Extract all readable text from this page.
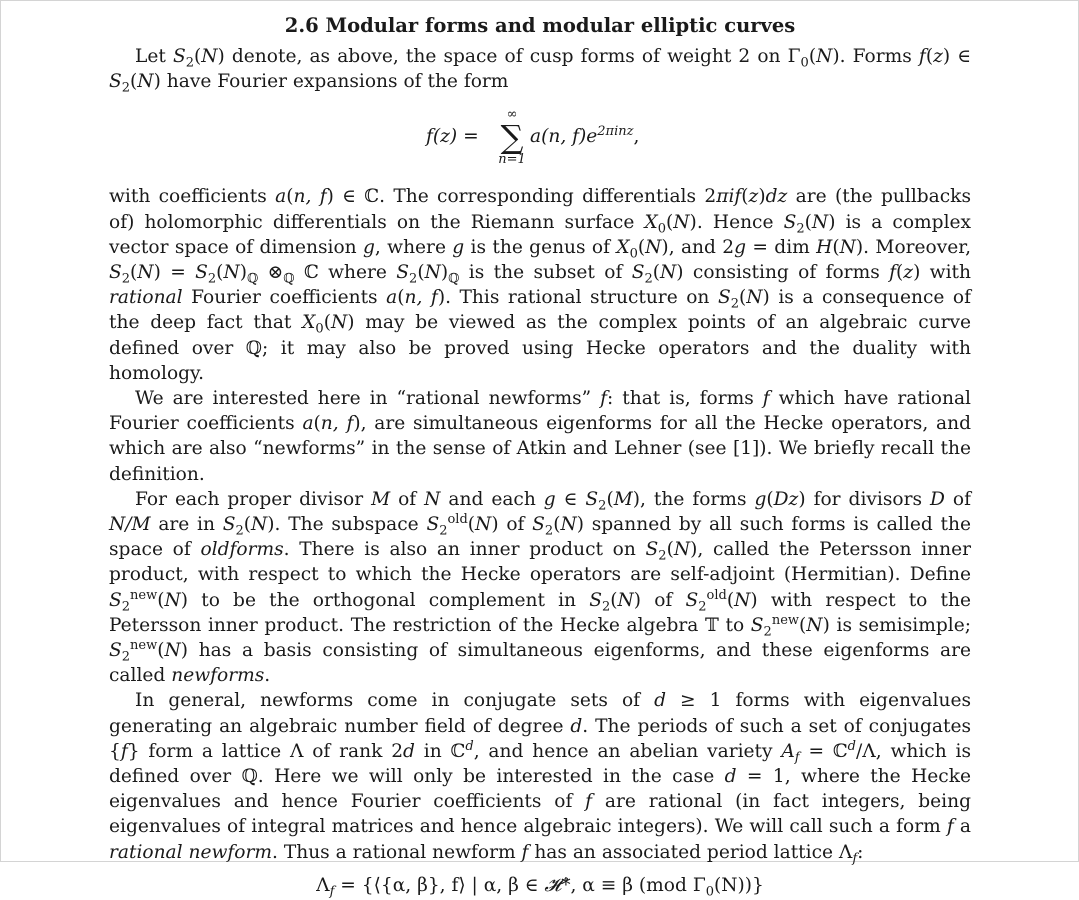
2.6 Modular forms and modular elliptic curves

Let $S_2(N)$ denote, as above, the space of cusp forms of weight 2 on $\Gamma_0(N)$. Forms f(z) ∈ $S_2(N)$ have Fourier expansions of the form

f(z) =
∞
∑
n=1
a(n, $f)e^{2\pi inz}$,

with coefficients a(n, f) ∈ ℂ. The corresponding differentials 2πif(z)dz are (the pullbacks of) holomorphic differentials on the Riemann surface $X_0(N)$. Hence $S_2(N)$ is a complex vector space of dimension g, where g is the genus of $X_0(N)$, and 2g = dim H(N). Moreover, $S_2(N) = S_2(N)_ℚ$ $\otimes_ℚ$ ℂ where $S_2(N)_ℚ$ is the subset of $S_2(N)$ consisting of forms f(z) with rational Fourier coefficients a(n, f). This rational structure on $S_2(N)$ is a consequence of the deep fact that $X_0(N)$ may be viewed as the complex points of an algebraic curve defined over ℚ; it may also be proved using Hecke operators and the duality with homology.

We are interested here in “rational newforms” f: that is, forms f which have rational Fourier coefficients a(n, f), are simultaneous eigenforms for all the Hecke operators, and which are also “newforms” in the sense of Atkin and Lehner (see [1]). We briefly recall the definition.

For each proper divisor M of N and each g ∈ $S_2(M)$, the forms g(Dz) for divisors D of N/M are in $S_2(N)$. The subspace $S_2^{old}(N)$ of $S_2(N)$ spanned by all such forms is called the space of oldforms. There is also an inner product on $S_2(N)$, called the Petersson inner product, with respect to which the Hecke operators are self-adjoint (Hermitian). Define $S_2^{new}(N)$ to be the orthogonal complement in $S_2(N)$ of $S_2^{old}(N)$ with respect to the Petersson inner product. The restriction of the Hecke algebra 𝕋 to $S_2^{new}(N)$ is semisimple; $S_2^{new}(N)$ has a basis consisting of simultaneous eigenforms, and these eigenforms are called newforms.

In general, newforms come in conjugate sets of d ≥ 1 forms with eigenvalues generating an algebraic number field of degree d. The periods of such a set of conjugates {f} form a lattice Λ of rank 2d in ℂ$^d$, and hence an abelian variety $A_f$ = ℂ$^d$/Λ, which is defined over ℚ. Here we will only be interested in the case d = 1, where the Hecke eigenvalues and hence Fourier coefficients of f are rational (in fact integers, being eigenvalues of integral matrices and hence algebraic integers). We will call such a form f a rational newform. Thus a rational newform f has an associated period lattice $\Lambda_f$:

$\Lambda_f$ = {⟨{α, β}, f⟩ | α, β ∈ 𝓗*, α ≡ β (mod $\Gamma_0(N)$)}
